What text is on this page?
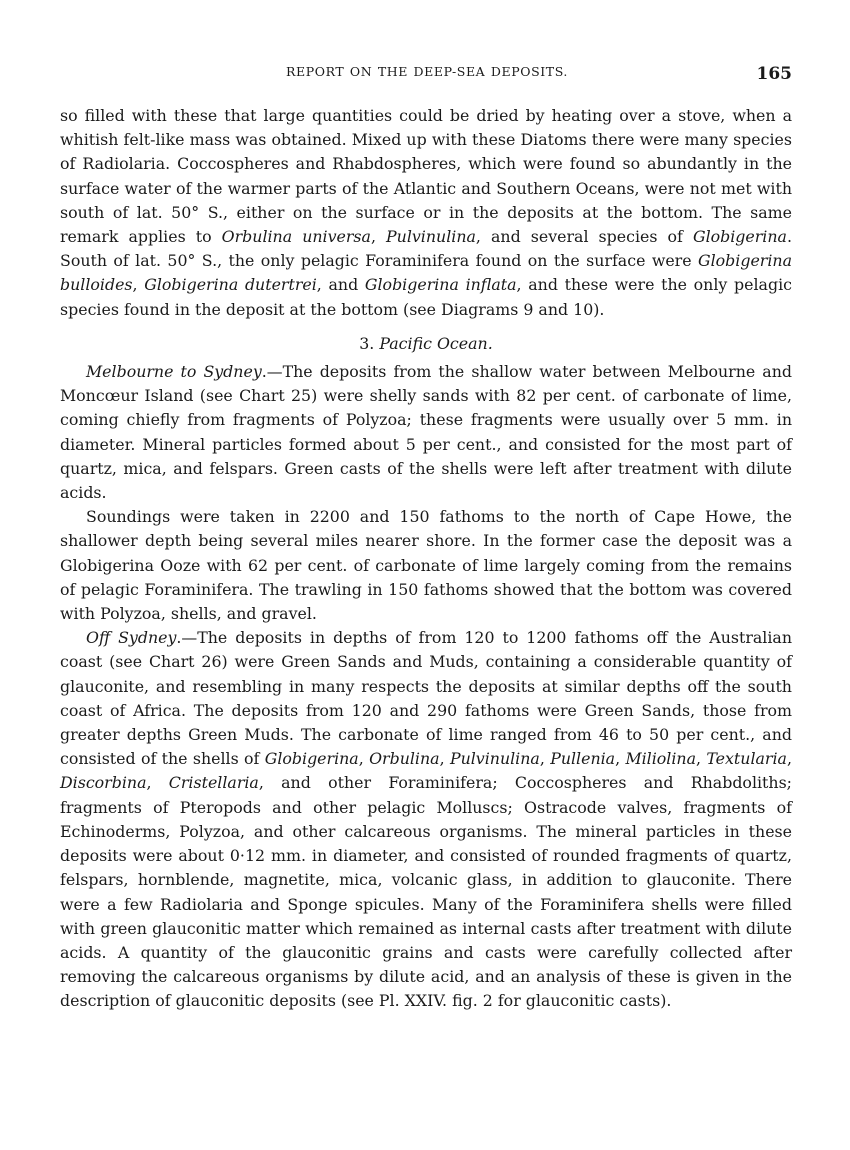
REPORT ON THE DEEP-SEA DEPOSITS.	165

so filled with these that large quantities could be dried by heating over a stove, when a whitish felt-like mass was obtained. Mixed up with these Diatoms there were many species of Radiolaria. Coccospheres and Rhabdospheres, which were found so abundantly in the surface water of the warmer parts of the Atlantic and Southern Oceans, were not met with south of lat. 50° S., either on the surface or in the deposits at the bottom. The same remark applies to Orbulina universa, Pulvinulina, and several species of Globigerina. South of lat. 50° S., the only pelagic Foraminifera found on the surface were Globigerina bulloides, Globigerina dutertrei, and Globigerina inflata, and these were the only pelagic species found in the deposit at the bottom (see Diagrams 9 and 10).

3. Pacific Ocean.

Melbourne to Sydney.—The deposits from the shallow water between Melbourne and Moncœur Island (see Chart 25) were shelly sands with 82 per cent. of carbonate of lime, coming chiefly from fragments of Polyzoa; these fragments were usually over 5 mm. in diameter. Mineral particles formed about 5 per cent., and consisted for the most part of quartz, mica, and felspars. Green casts of the shells were left after treatment with dilute acids.

Soundings were taken in 2200 and 150 fathoms to the north of Cape Howe, the shallower depth being several miles nearer shore. In the former case the deposit was a Globigerina Ooze with 62 per cent. of carbonate of lime largely coming from the remains of pelagic Foraminifera. The trawling in 150 fathoms showed that the bottom was covered with Polyzoa, shells, and gravel.

Off Sydney.—The deposits in depths of from 120 to 1200 fathoms off the Australian coast (see Chart 26) were Green Sands and Muds, containing a considerable quantity of glauconite, and resembling in many respects the deposits at similar depths off the south coast of Africa. The deposits from 120 and 290 fathoms were Green Sands, those from greater depths Green Muds. The carbonate of lime ranged from 46 to 50 per cent., and consisted of the shells of Globigerina, Orbulina, Pulvinulina, Pullenia, Miliolina, Textularia, Discorbina, Cristellaria, and other Foraminifera; Coccospheres and Rhabdoliths; fragments of Pteropods and other pelagic Molluscs; Ostracode valves, fragments of Echinoderms, Polyzoa, and other calcareous organisms. The mineral particles in these deposits were about 0·12 mm. in diameter, and consisted of rounded fragments of quartz, felspars, hornblende, magnetite, mica, volcanic glass, in addition to glauconite. There were a few Radiolaria and Sponge spicules. Many of the Foraminifera shells were filled with green glauconitic matter which remained as internal casts after treatment with dilute acids. A quantity of the glauconitic grains and casts were carefully collected after removing the calcareous organisms by dilute acid, and an analysis of these is given in the description of glauconitic deposits (see Pl. XXIV. fig. 2 for glauconitic casts).
